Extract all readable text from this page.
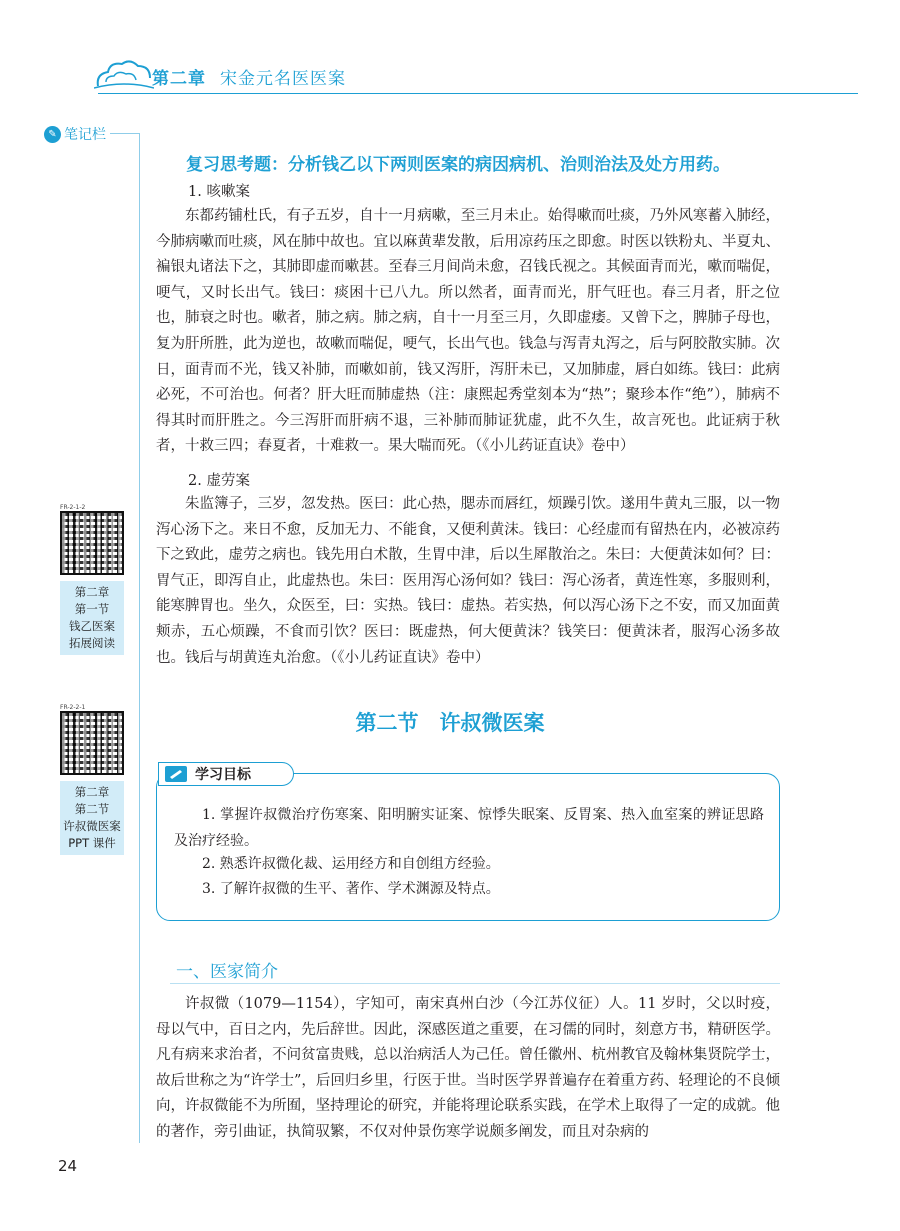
第二章 宋金元名医医案
✎ 笔记栏
FR-2-1-2
第二章
第一节
钱乙医案
拓展阅读
FR-2-2-1
第二章
第二节
许叔微医案
PPT 课件
复习思考题：分析钱乙以下两则医案的病因病机、治则治法及处方用药。
1. 咳嗽案
东都药铺杜氏，有子五岁，自十一月病嗽，至三月未止。始得嗽而吐痰，乃外风寒蓄入肺经，今肺病嗽而吐痰，风在肺中故也。宜以麻黄辈发散，后用凉药压之即愈。时医以铁粉丸、半夏丸、褊银丸诸法下之，其肺即虚而嗽甚。至春三月间尚未愈，召钱氏视之。其候面青而光，嗽而喘促，哽气，又时长出气。钱曰：痰困十已八九。所以然者，面青而光，肝气旺也。春三月者，肝之位也，肺衰之时也。嗽者，肺之病。肺之病，自十一月至三月，久即虚痿。又曾下之，脾肺子母也，复为肝所胜，此为逆也，故嗽而喘促，哽气，长出气也。钱急与泻青丸泻之，后与阿胶散实肺。次日，面青而不光，钱又补肺，而嗽如前，钱又泻肝，泻肝未已，又加肺虚，唇白如练。钱曰：此病必死，不可治也。何者？肝大旺而肺虚热（注：康熙起秀堂刻本为“热”；聚珍本作“绝”），肺病不得其时而肝胜之。今三泻肝而肝病不退，三补肺而肺证犹虚，此不久生，故言死也。此证病于秋者，十救三四；春夏者，十难救一。果大喘而死。（《小儿药证直诀》卷中）
2. 虚劳案
朱监簿子，三岁，忽发热。医曰：此心热，腮赤而唇红，烦躁引饮。遂用牛黄丸三服，以一物泻心汤下之。来日不愈，反加无力、不能食，又便利黄沫。钱曰：心经虚而有留热在内，必被凉药下之致此，虚劳之病也。钱先用白术散，生胃中津，后以生犀散治之。朱曰：大便黄沫如何？曰：胃气正，即泻自止，此虚热也。朱曰：医用泻心汤何如？钱曰：泻心汤者，黄连性寒，多服则利，能寒脾胃也。坐久，众医至，曰：实热。钱曰：虚热。若实热，何以泻心汤下之不安，而又加面黄颊赤，五心烦躁，不食而引饮？医曰：既虚热，何大便黄沫？钱笑曰：便黄沫者，服泻心汤多故也。钱后与胡黄连丸治愈。（《小儿药证直诀》卷中）
第二节　许叔微医案
学习目标
1. 掌握许叔微治疗伤寒案、阳明腑实证案、惊悸失眠案、反胃案、热入血室案的辨证思路及治疗经验。
2. 熟悉许叔微化裁、运用经方和自创组方经验。
3. 了解许叔微的生平、著作、学术渊源及特点。
一、医家简介
许叔微（1079—1154），字知可，南宋真州白沙（今江苏仪征）人。11 岁时，父以时疫，母以气中，百日之内，先后辞世。因此，深感医道之重要，在习儒的同时，刻意方书，精研医学。凡有病来求治者，不问贫富贵贱，总以治病活人为己任。曾任徽州、杭州教官及翰林集贤院学士，故后世称之为“许学士”，后回归乡里，行医于世。当时医学界普遍存在着重方药、轻理论的不良倾向，许叔微能不为所囿，坚持理论的研究，并能将理论联系实践，在学术上取得了一定的成就。他的著作，旁引曲证，执简驭繁，不仅对仲景伤寒学说颇多阐发，而且对杂病的
24
